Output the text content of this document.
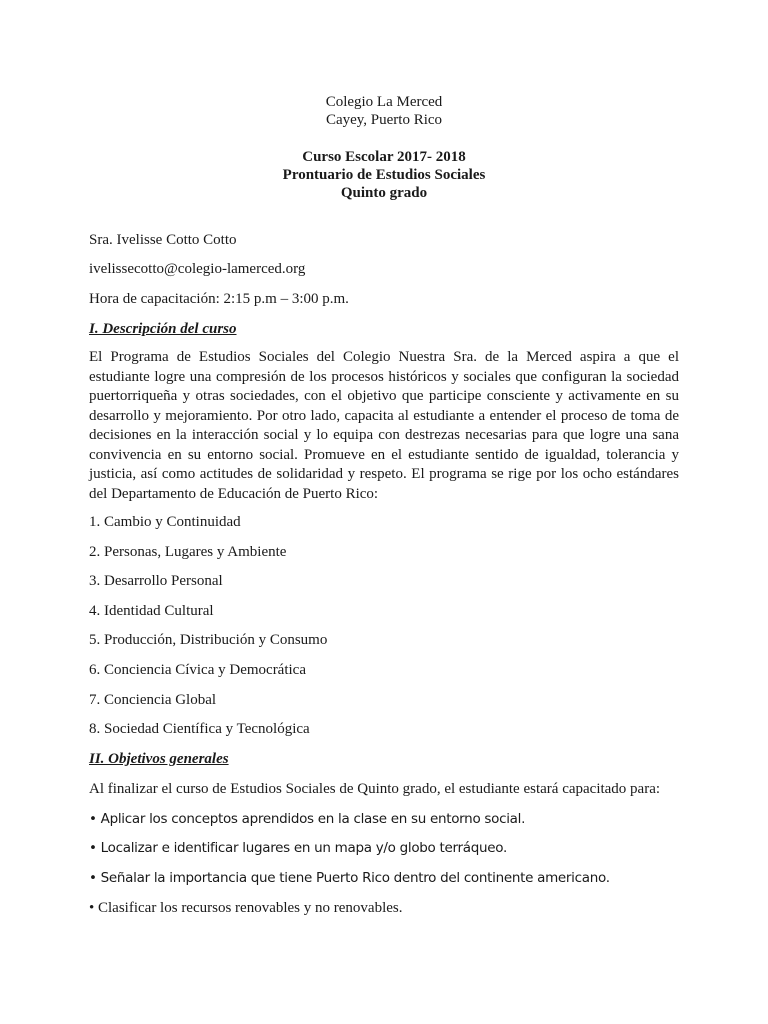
Colegio La Merced
Cayey, Puerto Rico
Curso Escolar 2017- 2018
Prontuario de Estudios Sociales
Quinto grado
Sra. Ivelisse Cotto Cotto
ivelissecotto@colegio-lamerced.org
Hora de capacitación: 2:15 p.m – 3:00 p.m.
I. Descripción del curso
El Programa de Estudios Sociales del Colegio Nuestra Sra. de la Merced aspira a que el estudiante logre una compresión de los procesos históricos y sociales que configuran la sociedad puertorriqueña y otras sociedades, con el objetivo que participe consciente y activamente en su desarrollo y mejoramiento. Por otro lado, capacita al estudiante a entender el proceso de toma de decisiones en la interacción social y lo equipa con destrezas necesarias para que logre una sana convivencia en su entorno social. Promueve en el estudiante sentido de igualdad, tolerancia y justicia, así como actitudes de solidaridad y respeto. El programa se rige por los ocho estándares del Departamento de Educación de Puerto Rico:
1. Cambio y Continuidad
2. Personas, Lugares y Ambiente
3. Desarrollo Personal
4. Identidad Cultural
5. Producción, Distribución y Consumo
6. Conciencia Cívica y Democrática
7. Conciencia Global
8. Sociedad Científica y Tecnológica
II. Objetivos generales
Al finalizar el curso de Estudios Sociales de Quinto grado, el estudiante estará capacitado para:
• Aplicar los conceptos aprendidos en la clase en su entorno social.
• Localizar e identificar lugares en un mapa y/o globo terráqueo.
• Señalar la importancia que tiene Puerto Rico dentro del continente americano.
• Clasificar los recursos renovables y no renovables.
